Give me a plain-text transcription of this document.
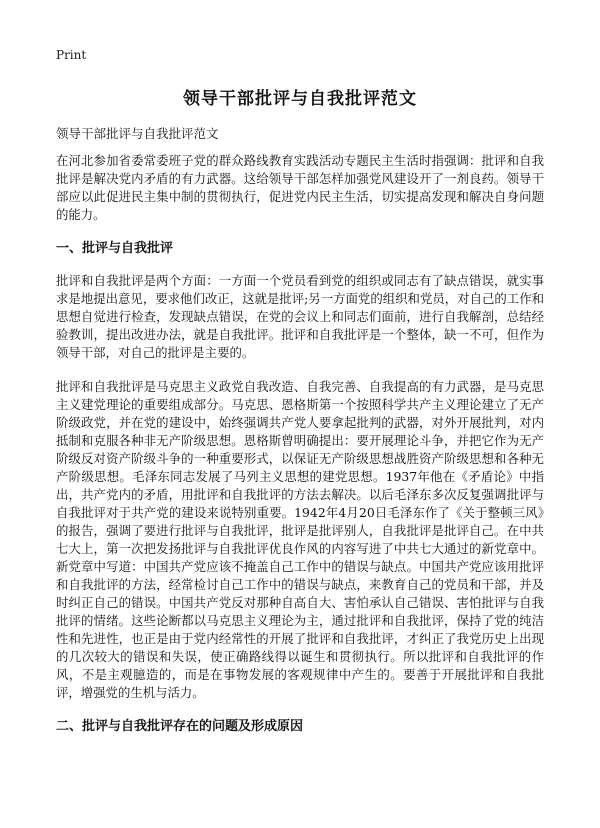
Print
领导干部批评与自我批评范文
领导干部批评与自我批评范文

在河北参加省委常委班子党的群众路线教育实践活动专题民主生活时指强调：批评和自我批评是解决党内矛盾的有力武器。这给领导干部怎样加强党风建设开了一剂良药。领导干部应以此促进民主集中制的贯彻执行，促进党内民主生活，切实提高发现和解决自身问题的能力。

一、批评与自我批评

批评和自我批评是两个方面：一方面一个党员看到党的组织或同志有了缺点错误，就实事求是地提出意见，要求他们改正，这就是批评;另一方面党的组织和党员，对自己的工作和思想自觉进行检查，发现缺点错误，在党的会议上和同志们面前，进行自我解剖，总结经验教训，提出改进办法，就是自我批评。批评和自我批评是一个整体，缺一不可，但作为领导干部，对自己的批评是主要的。

批评和自我批评是马克思主义政党自我改造、自我完善、自我提高的有力武器，是马克思主义建党理论的重要组成部分。马克思、恩格斯第一个按照科学共产主义理论建立了无产阶级政党，并在党的建设中，始终强调共产党人要拿起批判的武器，对外开展批判，对内抵制和克服各种非无产阶级思想。恩格斯曾明确提出：要开展理论斗争，并把它作为无产阶级反对资产阶级斗争的一种重要形式，以保证无产阶级思想战胜资产阶级思想和各种无产阶级思想。毛泽东同志发展了马列主义思想的建党思想。1937年他在《矛盾论》中指出，共产党内的矛盾，用批评和自我批评的方法去解决。以后毛泽东多次反复强调批评与自我批评对于共产党的建设来说特别重要。1942年4月20日毛泽东作了《关于整顿三风》的报告，强调了要进行批评与自我批评，批评是批评别人，自我批评是批评自己。在中共七大上，第一次把发扬批评与自我批评优良作风的内容写进了中共七大通过的新党章中。新党章中写道：中国共产党应该不掩盖自己工作中的错误与缺点。中国共产党应该用批评和自我批评的方法，经常检讨自己工作中的错误与缺点，来教育自己的党员和干部，并及时纠正自己的错误。中国共产党反对那种自高自大、害怕承认自己错误、害怕批评与自我批评的情绪。这些论断都以马克思主义理论为主，通过批评和自我批评，保持了党的纯洁性和先进性，也正是由于党内经常性的开展了批评和自我批评，才纠正了我党历史上出现的几次较大的错误和失误，使正确路线得以诞生和贯彻执行。所以批评和自我批评的作风，不是主观臆造的，而是在事物发展的客观规律中产生的。要善于开展批评和自我批评，增强党的生机与活力。

二、批评与自我批评存在的问题及形成原因
